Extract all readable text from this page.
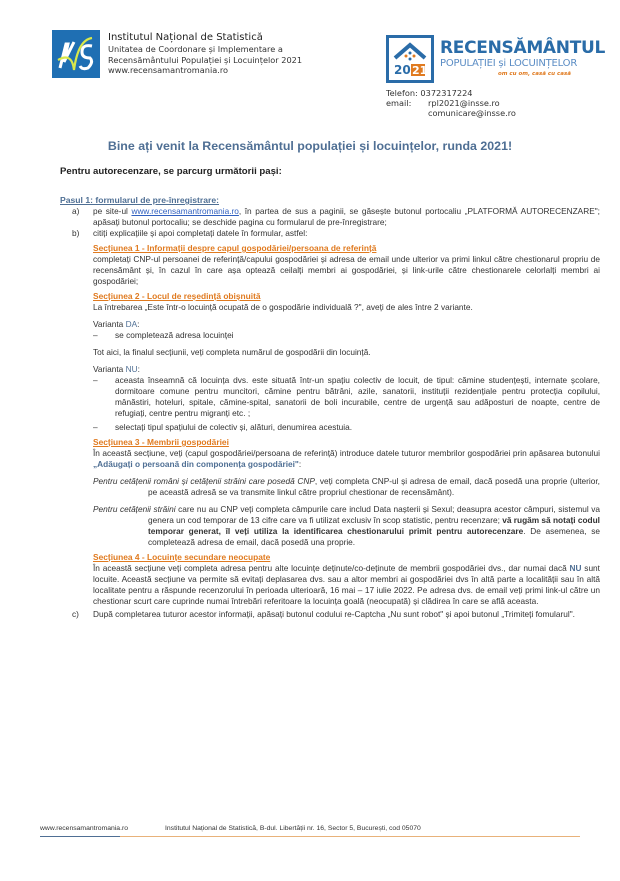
Institutul Național de Statistică
Unitatea de Coordonare și Implementare a
Recensământului Populației și Locuințelor 2021
www.recensamantromania.ro	20 21
RECENSĂMÂNTUL
POPULAȚIEI și LOCUINȚELOR
om cu om, casă cu casă
Telefon:
0372317224
email:	rpl2021@insse.ro
comunicare@insse.ro
Bine ați venit la Recensământul populației și locuințelor, runda 2021!
Pentru autorecenzare, se parcurg următorii pași:
Pasul 1: formularul de pre-înregistrare:
a)	pe site-ul www.recensamantromania.ro, în partea de sus a paginii, se găsește butonul portocaliu „PLATFORMĂ AUTORECENZARE"; apăsați butonul portocaliu; se deschide pagina cu formularul de pre-înregistrare;
b)	citiți explicațiile și apoi completați datele în formular, astfel:
Secțiunea 1 - Informații despre capul gospodăriei/persoana de referință
completați CNP-ul persoanei de referință/capului gospodăriei și adresa de email unde ulterior va primi linkul către chestionarul propriu de recensământ și, în cazul în care așa optează ceilalți membri ai gospodăriei, și link-urile către chestionarele celorlalți membri ai gospodăriei;
Secțiunea 2 - Locul de reședință obișnuită
La întrebarea „Este într-o locuință ocupată de o gospodărie individuală ?", aveți de ales între 2 variante.
Varianta DA:
–	se completează adresa locuinței
Tot aici, la finalul secțiunii, veți completa numărul de gospodării din locuință.
Varianta NU:
–	aceasta înseamnă că locuința dvs. este situată într-un spațiu colectiv de locuit, de tipul: cămine studențești, internate școlare, dormitoare comune pentru muncitori, cămine pentru bătrâni, azile, sanatorii, instituții rezidențiale pentru protecția copilului, mânăstiri, hoteluri, spitale, cămine-spital, sanatorii de boli incurabile, centre de urgență sau adăposturi de noapte, centre de refugiați, centre pentru migranți etc. ;
–	selectați tipul spațiului de colectiv și, alături, denumirea acestuia.
Secțiunea 3 - Membrii gospodăriei
În această secțiune, veți (capul gospodăriei/persoana de referință) introduce datele tuturor membrilor gospodăriei prin apăsarea butonului „Adăugați o persoană din componența gospodăriei":
Pentru cetățenii români și cetățenii străini care posedă CNP, veți completa CNP-ul și adresa de email, dacă posedă una proprie (ulterior, pe această adresă se va transmite linkul către propriul chestionar de recensământ).
Pentru cetățenii străini care nu au CNP veți completa câmpurile care includ Data nașterii și Sexul; deasupra acestor câmpuri, sistemul va genera un cod temporar de 13 cifre care va fi utilizat exclusiv în scop statistic, pentru recenzare; vă rugăm să notați codul temporar generat, îl veți utiliza la identificarea chestionarului primit pentru autorecenzare. De asemenea, se completează adresa de email, dacă posedă una proprie.
Secțiunea 4 - Locuințe secundare neocupate
În această secțiune veți completa adresa pentru alte locuințe deținute/co-deținute de membrii gospodăriei dvs., dar numai dacă NU sunt locuite. Această secțiune va permite să evitați deplasarea dvs. sau a altor membri ai gospodăriei dvs în altă parte a localității sau în altă localitate pentru a răspunde recenzorului în perioada ulterioară, 16 mai – 17 iulie 2022. Pe adresa dvs. de email veți primi link-ul către un chestionar scurt care cuprinde numai întrebări referitoare la locuința goală (neocupată) și clădirea în care se află aceasta.
c)	După completarea tuturor acestor informații, apăsați butonul codului re-Captcha „Nu sunt robot" și apoi butonul „Trimiteți fomularul".
www.recensamantromania.ro	Institutul Național de Statistică, B-dul. Libertății nr. 16, Sector 5, București, cod 05070
